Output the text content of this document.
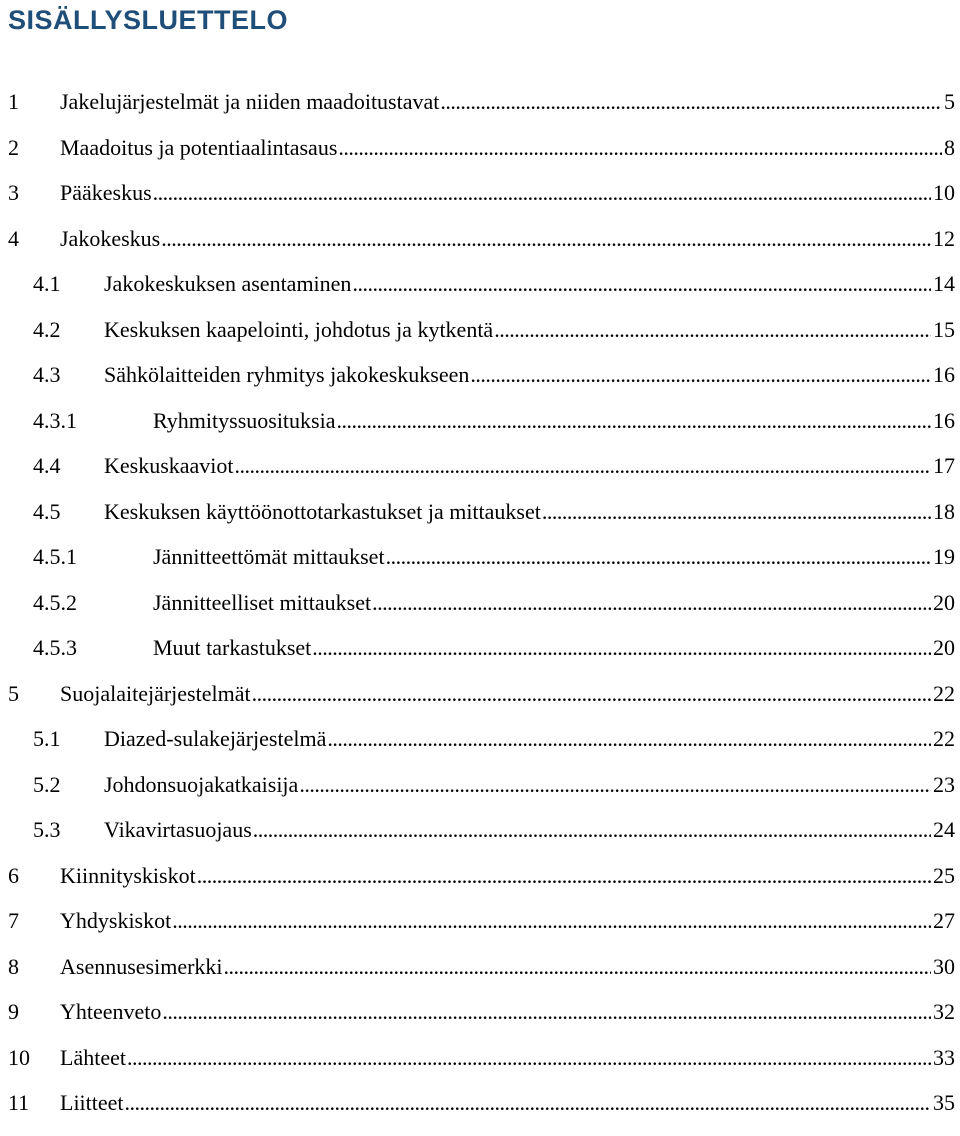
SISÄLLYSLUETTELO
1	Jakelujärjestelmät ja niiden maadoitustavat . . .	5
2	Maadoitus ja potentiaalintasaus . . .	8
3	Pääkeskus . . .	10
4	Jakokeskus . . .	12
4.1	Jakokeskuksen asentaminen . . .	14
4.2	Keskuksen kaapelointi, johdotus ja kytkentä . . .	15
4.3	Sähkölaitteiden ryhmitys jakokeskukseen . . .	16
4.3.1	Ryhmityssuosituksia . . .	16
4.4	Keskuskaaviot . . .	17
4.5	Keskuksen käyttöönottotarkastukset ja mittaukset . . .	18
4.5.1	Jännitteettömät mittaukset . . .	19
4.5.2	Jännitteelliset mittaukset . . .	20
4.5.3	Muut tarkastukset . . .	20
5	Suojalaitejärjestelmät . . .	22
5.1	Diazed-sulakejärjestelmä . . .	22
5.2	Johdonsuojakatkaisija . . .	23
5.3	Vikavirtasuojaus . . .	24
6	Kiinnityskiskot . . .	25
7	Yhdyskiskot . . .	27
8	Asennusesimerkki . . .	30
9	Yhteenveto . . .	32
10	Lähteet . . .	33
11	Liitteet . . .	35
